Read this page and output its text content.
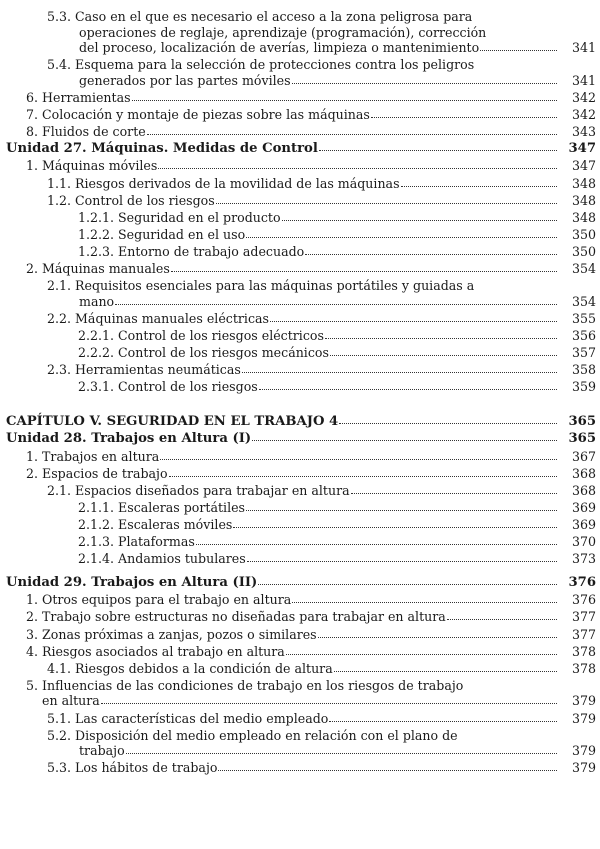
5.3. Caso en el que es necesario el acceso a la zona peligrosa para
operaciones de reglaje, aprendizaje (programación), corrección
del proceso, localización de averías, limpieza o mantenimiento	341
5.4. Esquema para la selección de protecciones contra los peligros
generados por las partes móviles	341
6. Herramientas	342
7. Colocación y montaje de piezas sobre las máquinas	342
8. Fluidos de corte	343
Unidad 27. Máquinas. Medidas de Control	347
1. Máquinas móviles	347
1.1. Riesgos derivados de la movilidad de las máquinas	348
1.2. Control de los riesgos	348
1.2.1. Seguridad en el producto	348
1.2.2. Seguridad en el uso	350
1.2.3. Entorno de trabajo adecuado	350
2. Máquinas manuales	354
2.1. Requisitos esenciales para las máquinas portátiles y guiadas a
mano	354
2.2. Máquinas manuales eléctricas	355
2.2.1. Control de los riesgos eléctricos	356
2.2.2. Control de los riesgos mecánicos	357
2.3. Herramientas neumáticas	358
2.3.1. Control de los riesgos	359
CAPÍTULO V. SEGURIDAD EN EL TRABAJO 4	365
Unidad 28. Trabajos en Altura (I)	365
1. Trabajos en altura	367
2. Espacios de trabajo	368
2.1. Espacios diseñados para trabajar en altura	368
2.1.1. Escaleras portátiles	369
2.1.2. Escaleras móviles	369
2.1.3. Plataformas	370
2.1.4. Andamios tubulares	373
Unidad 29. Trabajos en Altura (II)	376
1. Otros equipos para el trabajo en altura	376
2. Trabajo sobre estructuras no diseñadas para trabajar en altura	377
3. Zonas próximas a zanjas, pozos o similares	377
4. Riesgos asociados al trabajo en altura	378
4.1. Riesgos debidos a la condición de altura	378
5. Influencias de las condiciones de trabajo en los riesgos de trabajo
en altura	379
5.1. Las características del medio empleado	379
5.2. Disposición del medio empleado en relación con el plano de
trabajo	379
5.3. Los hábitos de trabajo	379
